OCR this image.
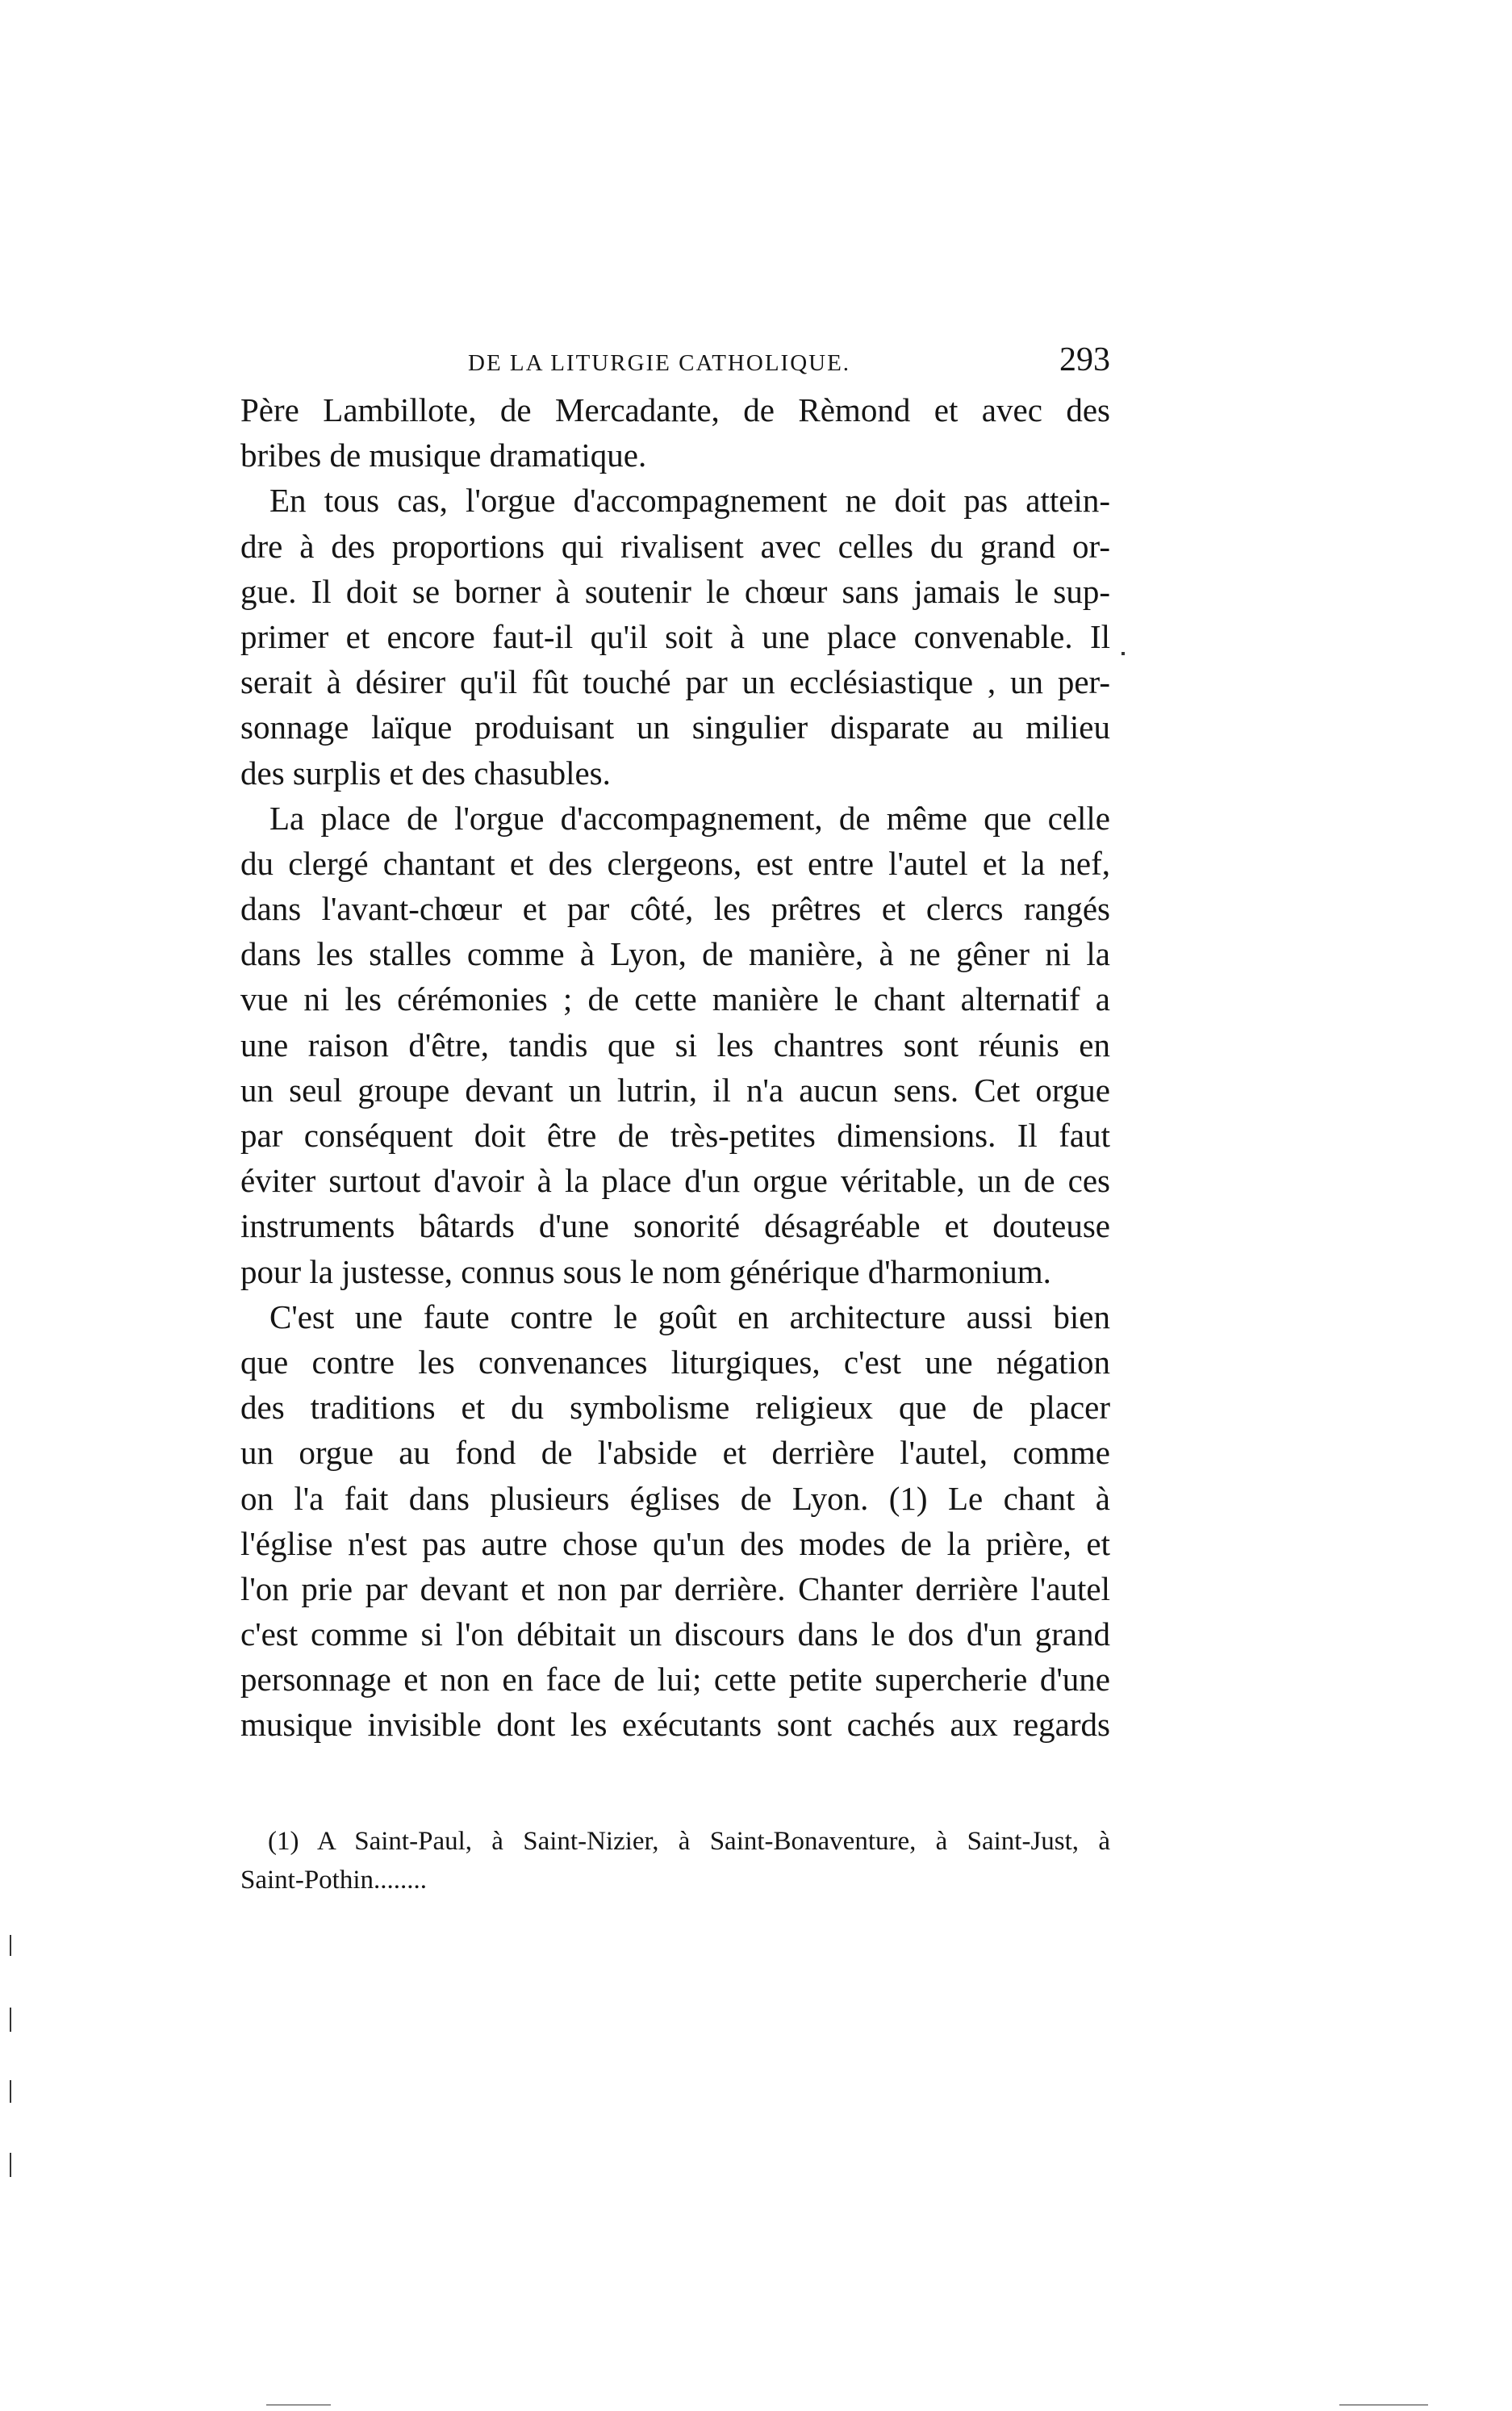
DE LA LITURGIE CATHOLIQUE.	293
Père Lambillote, de Mercadante, de Rèmond et avec des
bribes de musique dramatique.
En tous cas, l'orgue d'accompagnement ne doit pas attein-
dre à des proportions qui rivalisent avec celles du grand or-
gue. Il doit se borner à soutenir le chœur sans jamais le sup-
primer et encore faut-il qu'il soit à une place convenable. Il
serait à désirer qu'il fût touché par un ecclésiastique , un per-
sonnage laïque produisant un singulier disparate au milieu
des surplis et des chasubles.
La place de l'orgue d'accompagnement, de même que celle
du clergé chantant et des clergeons, est entre l'autel et la nef,
dans l'avant-chœur et par côté, les prêtres et clercs rangés
dans les stalles comme à Lyon, de manière, à ne gêner ni la
vue ni les cérémonies ; de cette manière le chant alternatif a
une raison d'être, tandis que si les chantres sont réunis en
un seul groupe devant un lutrin, il n'a aucun sens. Cet orgue
par conséquent doit être de très-petites dimensions. Il faut
éviter surtout d'avoir à la place d'un orgue véritable, un de ces
instruments bâtards d'une sonorité désagréable et douteuse
pour la justesse, connus sous le nom générique d'harmonium.
C'est une faute contre le goût en architecture aussi bien
que contre les convenances liturgiques, c'est une négation
des traditions et du symbolisme religieux que de placer
un orgue au fond de l'abside et derrière l'autel, comme
on l'a fait dans plusieurs églises de Lyon. (1) Le chant à
l'église n'est pas autre chose qu'un des modes de la prière, et
l'on prie par devant et non par derrière. Chanter derrière l'autel
c'est comme si l'on débitait un discours dans le dos d'un grand
personnage et non en face de lui; cette petite supercherie d'une
musique invisible dont les exécutants sont cachés aux regards
(1) A Saint-Paul, à Saint-Nizier, à Saint-Bonaventure, à Saint-Just, à
Saint-Pothin........
